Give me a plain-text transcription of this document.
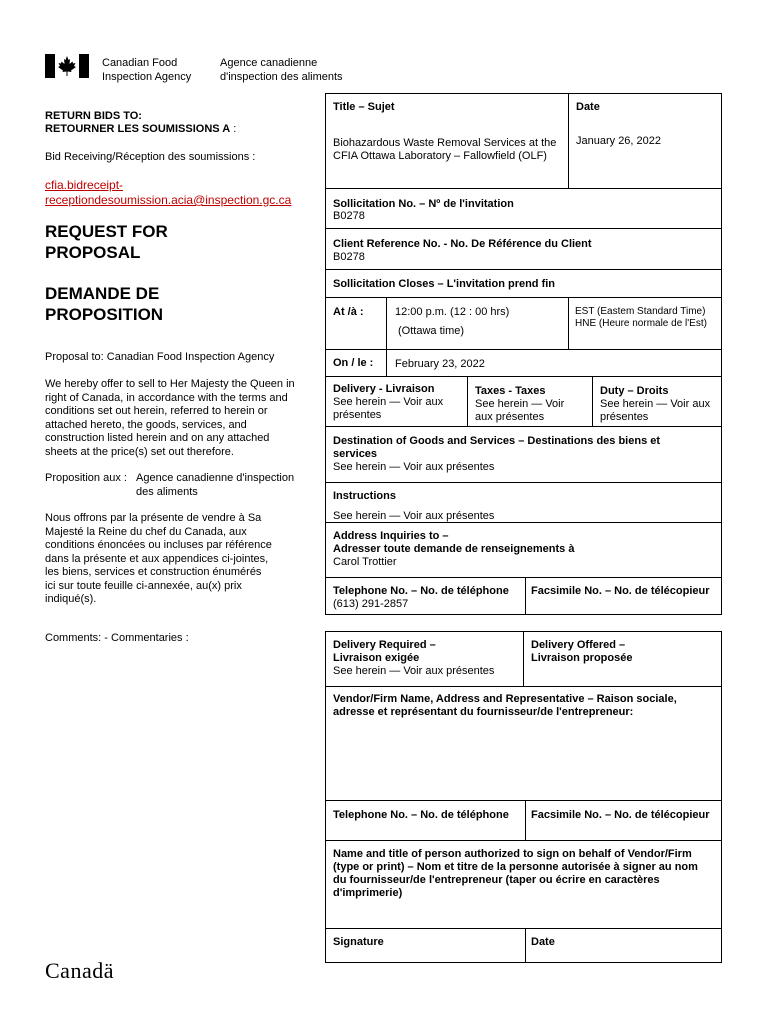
Canadian Food
Inspection Agency
Agence canadienne
d'inspection des aliments
RETURN BIDS TO:
RETOURNER LES SOUMISSIONS A :
Bid Receiving/Réception des soumissions :
cfia.bidreceipt-
receptiondesoumission.acia@inspection.gc.ca
REQUEST FOR
PROPOSAL
DEMANDE DE
PROPOSITION
Proposal to: Canadian Food Inspection Agency
We hereby offer to sell to Her Majesty the Queen in
right of Canada, in accordance with the terms and
conditions set out herein, referred to herein or
attached hereto, the goods, services, and
construction listed herein and on any attached
sheets at the price(s) set out therefore.
Proposition aux : Agence canadienne d'inspection
des aliments
Nous offrons par la présente de vendre à Sa
Majesté la Reine du chef du Canada, aux
conditions énoncées ou incluses par référence
dans la présente et aux appendices ci-jointes,
les biens, services et construction énumérés
ici sur toute feuille ci-annexée, au(x) prix
indiqué(s).
Comments: - Commentaries :
Title – Sujet
Biohazardous Waste Removal Services at the
CFIA Ottawa Laboratory – Fallowfield (OLF)
Date
January 26, 2022
Sollicitation No. – Nº de l'invitation
B0278
Client Reference No. - No. De Référence du Client
B0278
Sollicitation Closes – L'invitation prend fin
At /à :	12:00 p.m. (12 : 00 hrs)
(Ottawa time)
EST (Eastem Standard Time)
HNE (Heure normale de l'Est)
On / le : February 23, 2022
Delivery - Livraison
See herein — Voir aux
présentes
Taxes - Taxes
See herein — Voir
aux présentes
Duty – Droits
See herein — Voir aux
présentes
Destination of Goods and Services – Destinations des biens et
services
See herein — Voir aux présentes
Instructions
See herein — Voir aux présentes
Address Inquiries to –
Adresser toute demande de renseignements à
Carol Trottier
Telephone No. – No. de téléphone
(613) 291-2857
Facsimile No. – No. de télécopieur
Delivery Required –
Livraison exigée
See herein — Voir aux présentes
Delivery Offered –
Livraison proposée
Vendor/Firm Name, Address and Representative – Raison sociale,
adresse et représentant du fournisseur/de l'entrepreneur:
Telephone No. – No. de téléphone Facsimile No. – No. de télécopieur
Name and title of person authorized to sign on behalf of Vendor/Firm
(type or print) – Nom et titre de la personne autorisée à signer au nom
du fournisseur/de l'entrepreneur (taper ou écrire en caractères
d'imprimerie)
Signature	Date
Canadä
